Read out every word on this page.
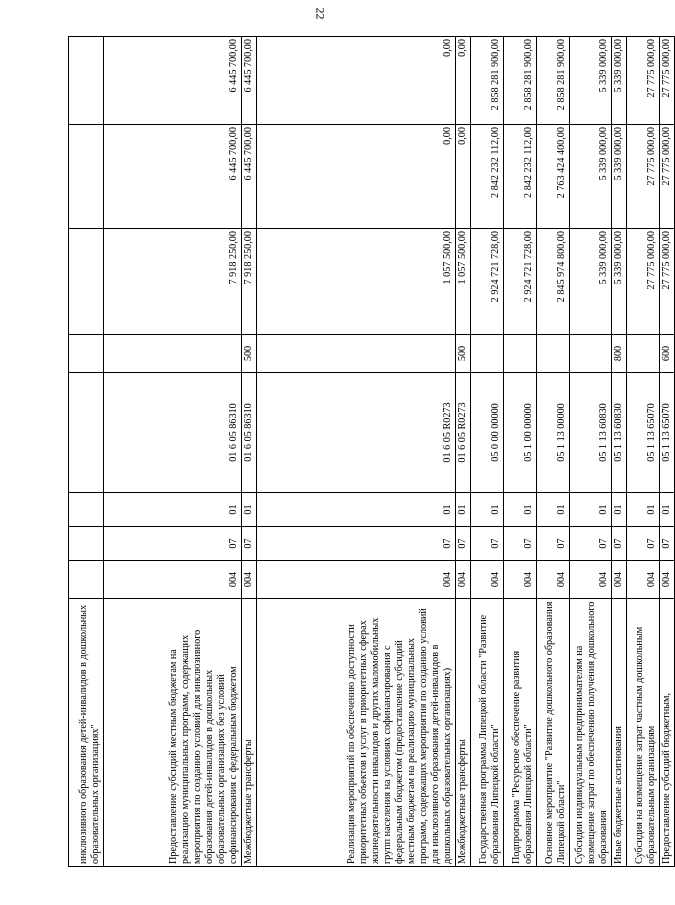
22
инклюзивного образования детей-инвалидов в дошкольных образовательных организациях"								
Предоставление субсидий местным бюджетам на реализацию муниципальных программ, содержащих мероприятия по созданию условий для инклюзивного образования детей-инвалидов в дошкольных образовательных организациях без условий софинансирования с федеральным бюджетом	004	07	01	01 6 05 86310		7 918 250,00	6 445 700,00	6 445 700,00
Межбюджетные трансферты	004	07	01	01 6 05 86310	500	7 918 250,00	6 445 700,00	6 445 700,00
Реализация мероприятий по обеспечению доступности приоритетных объектов и услуг в приоритетных сферах жизнедеятельности инвалидов и других маломобильных групп населения на условиях софинансирования с федеральным бюджетом (предоставление субсидий местным бюджетам на реализацию муниципальных программ, содержащих мероприятия по созданию условий для инклюзивного образования детей-инвалидов в дошкольных образовательных организациях)	004	07	01	01 6 05 R0273		1 057 500,00	0,00	0,00
Межбюджетные трансферты	004	07	01	01 6 05 R0273	500	1 057 500,00	0,00	0,00
Государственная программа Липецкой области "Развитие образования Липецкой области"	004	07	01	05 0 00 00000		2 924 721 728,00	2 842 232 112,00	2 858 281 900,00
Подпрограмма "Ресурсное обеспечение развития образования Липецкой области"	004	07	01	05 1 00 00000		2 924 721 728,00	2 842 232 112,00	2 858 281 900,00
Основное мероприятие "Развитие дошкольного образования Липецкой области"	004	07	01	05 1 13 00000		2 845 974 800,00	2 763 424 400,00	2 858 281 900,00
Субсидии индивидуальным предпринимателям на возмещение затрат по обеспечению получения дошкольного образования	004	07	01	05 1 13 60830		5 339 000,00	5 339 000,00	5 339 000,00
Иные бюджетные ассигнования	004	07	01	05 1 13 60830	800	5 339 000,00	5 339 000,00	5 339 000,00
Субсидия на возмещение затрат частным дошкольным образовательным организациям	004	07	01	05 1 13 65070		27 775 000,00	27 775 000,00	27 775 000,00
Предоставление субсидий бюджетным,	004	07	01	05 1 13 65070	600	27 775 000,00	27 775 000,00	27 775 000,00
